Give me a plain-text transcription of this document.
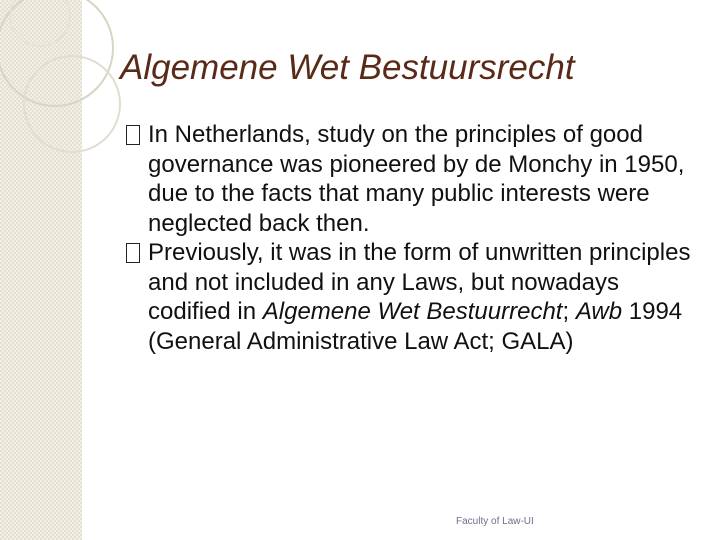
Algemene Wet Bestuursrecht

In Netherlands, study on the principles of good governance was pioneered by de Monchy in 1950, due to the facts that many public interests were neglected back then.

Previously, it was in the form of unwritten principles and not included in any Laws, but nowadays codified in Algemene Wet Bestuurrecht; Awb 1994 (General Administrative Law Act; GALA)

Faculty of Law-UI
